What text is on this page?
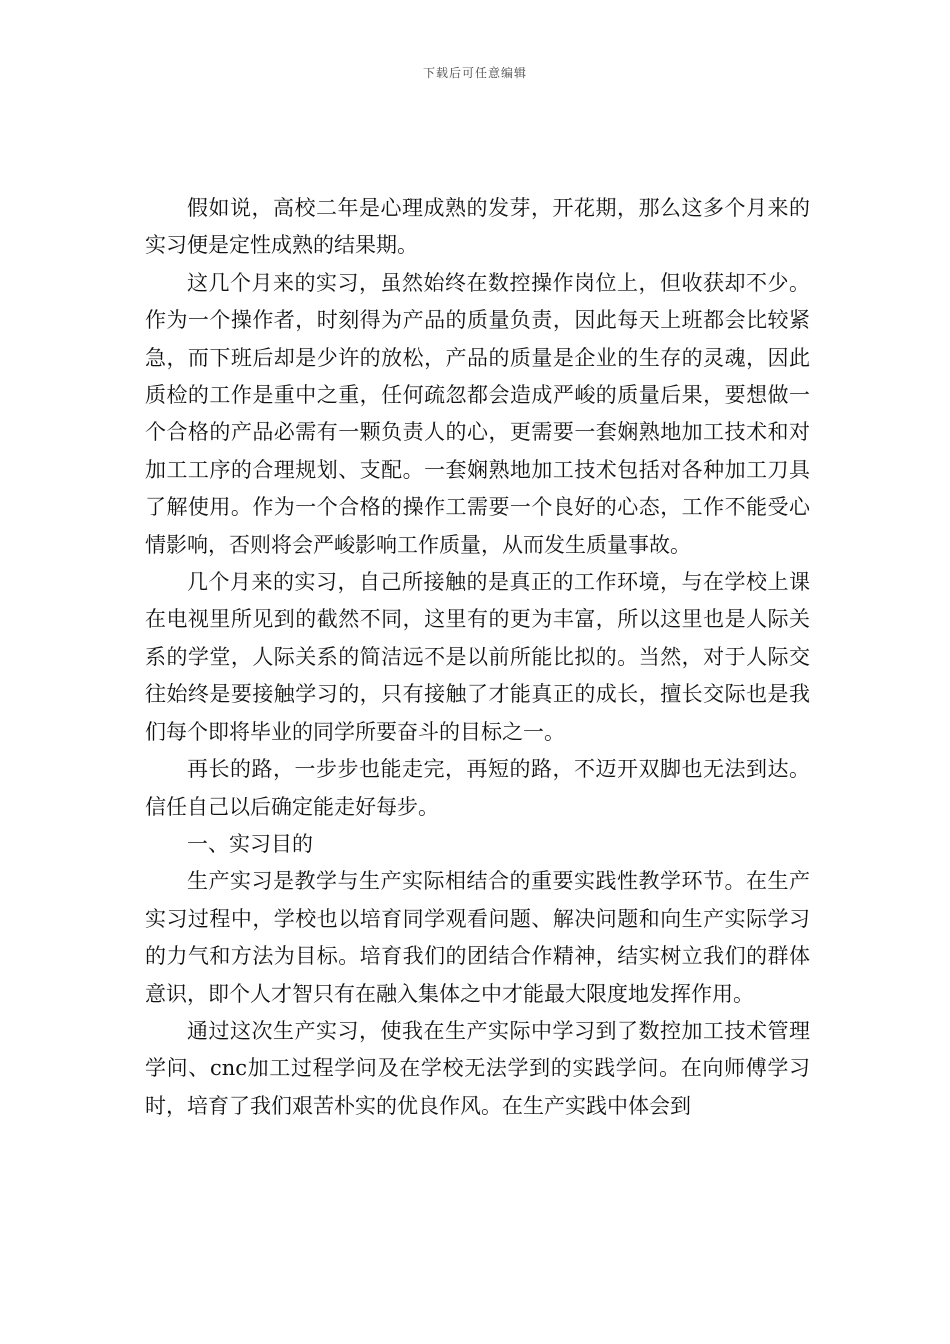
下载后可任意编辑

假如说，高校二年是心理成熟的发芽，开花期，那么这多个月来的实习便是定性成熟的结果期。

这几个月来的实习，虽然始终在数控操作岗位上，但收获却不少。作为一个操作者，时刻得为产品的质量负责，因此每天上班都会比较紧急，而下班后却是少许的放松，产品的质量是企业的生存的灵魂，因此质检的工作是重中之重，任何疏忽都会造成严峻的质量后果，要想做一个合格的产品必需有一颗负责人的心，更需要一套娴熟地加工技术和对加工工序的合理规划、支配。一套娴熟地加工技术包括对各种加工刀具了解使用。作为一个合格的操作工需要一个良好的心态，工作不能受心情影响，否则将会严峻影响工作质量，从而发生质量事故。

几个月来的实习，自己所接触的是真正的工作环境，与在学校上课在电视里所见到的截然不同，这里有的更为丰富，所以这里也是人际关系的学堂，人际关系的简洁远不是以前所能比拟的。当然，对于人际交往始终是要接触学习的，只有接触了才能真正的成长，擅长交际也是我们每个即将毕业的同学所要奋斗的目标之一。

再长的路，一步步也能走完，再短的路，不迈开双脚也无法到达。信任自己以后确定能走好每步。

一、实习目的

生产实习是教学与生产实际相结合的重要实践性教学环节。在生产实习过程中，学校也以培育同学观看问题、解决问题和向生产实际学习的力气和方法为目标。培育我们的团结合作精神，结实树立我们的群体意识，即个人才智只有在融入集体之中才能最大限度地发挥作用。

通过这次生产实习，使我在生产实际中学习到了数控加工技术管理学问、cnc加工过程学问及在学校无法学到的实践学问。在向师傅学习时，培育了我们艰苦朴实的优良作风。在生产实践中体会到
